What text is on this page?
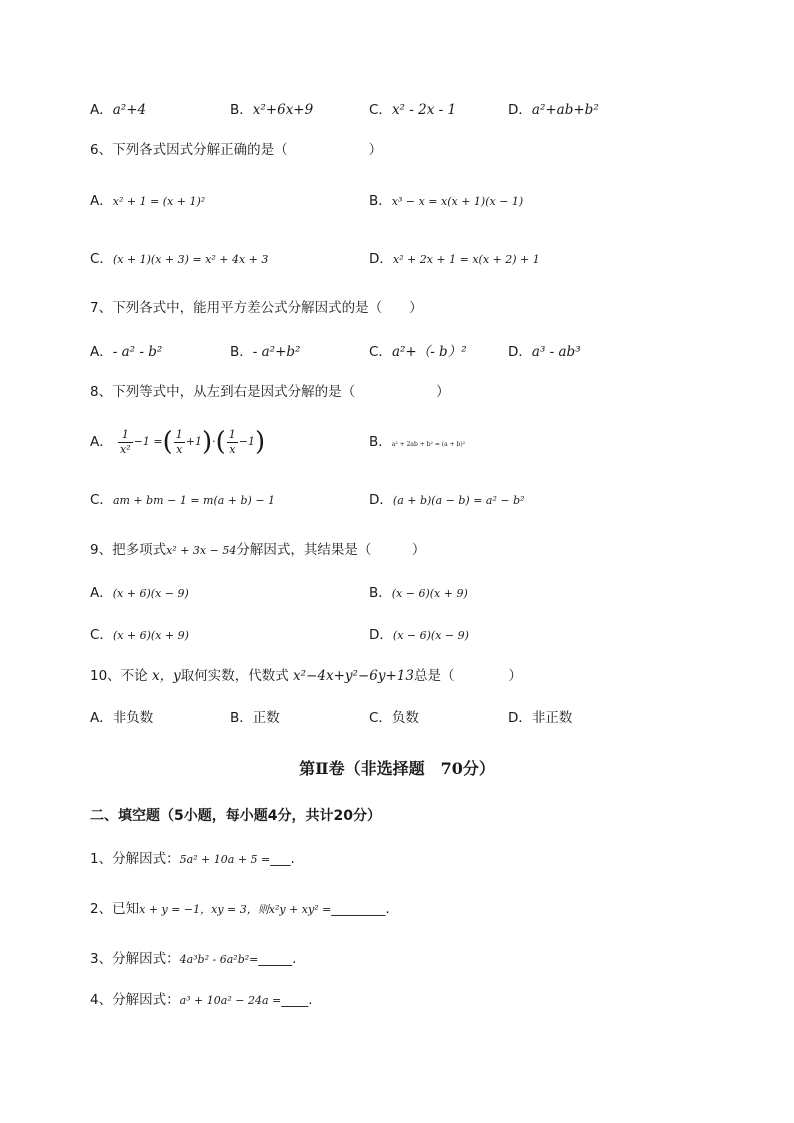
A．a²+4	B．x²+6x+9	C．x² - 2x - 1	D．a²+ab+b²
6、下列各式因式分解正确的是（　　　　　　）
A．x² + 1 = (x + 1)²	B．x³ − x = x(x + 1)(x − 1)
C．(x + 1)(x + 3) = x² + 4x + 3	D．x² + 2x + 1 = x(x + 2) + 1
7、下列各式中，能用平方差公式分解因式的是（　　）
A．- a² - b²	B．- a²+b²	C．a²+（- b）²	D．a³ - ab³
8、下列等式中，从左到右是因式分解的是（　　　　　　）
A． $\frac{1}{\text{x²}} -1$ =( $\frac{1}{x} +1)\cdot( \frac{1}{x} -1)$	B．a² + 2ab + b² = (a + b)²
C．am + bm − 1 = m(a + b) − 1	D．(a + b)(a − b) = a² − b²
9、把多项式x² + 3x − 54分解因式，其结果是（　　　）
A．(x + 6)(x − 9)	B．(x − 6)(x + 9)
C．(x + 6)(x + 9)	D．(x − 6)(x − 9)
10、不论 x，y取何实数，代数式 x²−4x+y²−6y+13总是（　　　　）
A．非负数	B．正数	C．负数	D．非正数
第Ⅱ卷（非选择题　70分）
二、填空题（5小题，每小题4分，共计20分）
1、分解因式：5a² + 10a + 5 =___.
2、已知x + y = −1，xy = 3，则x²y + xy² =________.
3、分解因式：4a³b² - 6a²b²=_____.
4、分解因式：a³ + 10a² − 24a =____.
